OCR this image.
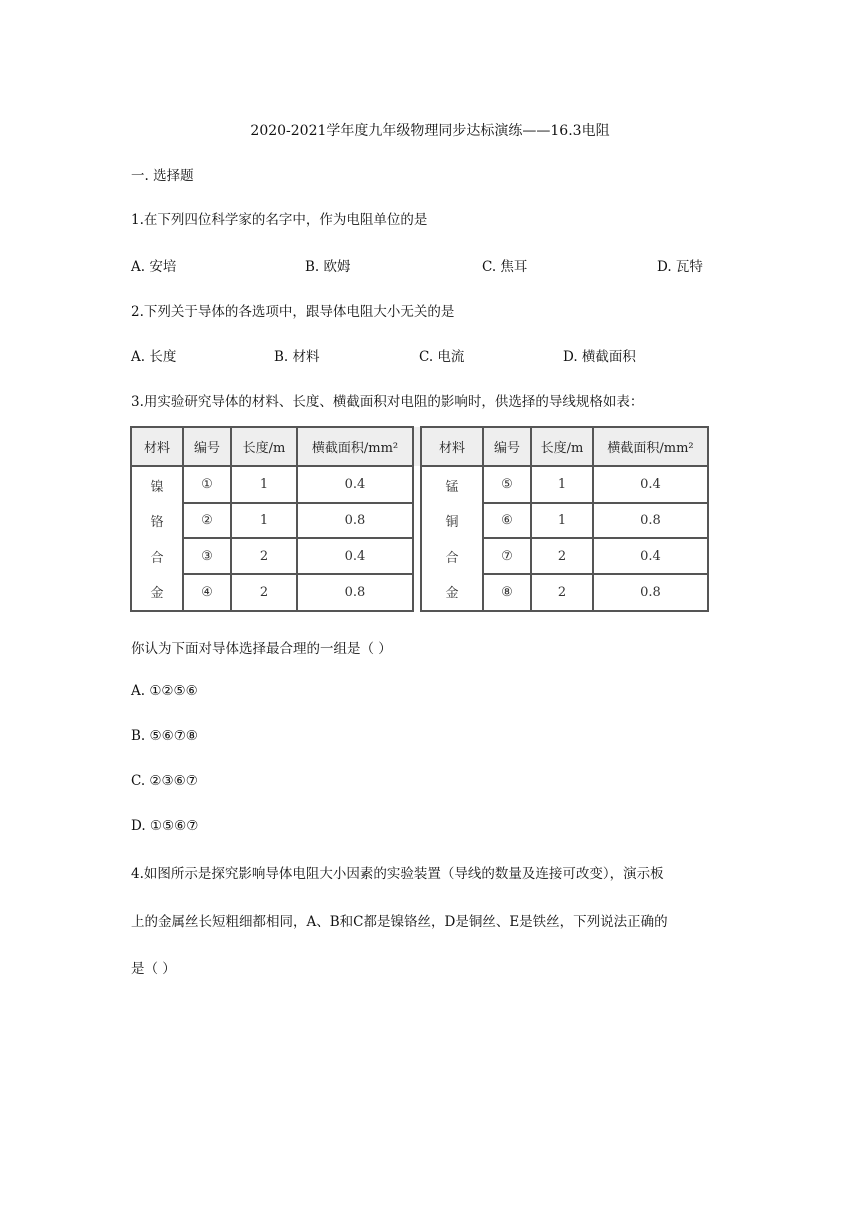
2020-2021学年度九年级物理同步达标演练——16.3电阻
一. 选择题
1.在下列四位科学家的名字中，作为电阻单位的是
A. 安培	B. 欧姆	C. 焦耳	D. 瓦特
2.下列关于导体的各选项中，跟导体电阻大小无关的是
A. 长度	B. 材料	C. 电流	D. 横截面积
3.用实验研究导体的材料、长度、横截面积对电阻的影响时，供选择的导线规格如表：
材料	编号	长度/m	横截面积/mm²		材料	编号	长度/m	横截面积/mm²
镍	①	1	0.4		锰	⑤	1	0.4
铬	②	1	0.8		铜	⑥	1	0.8
合	③	2	0.4		合	⑦	2	0.4
金	④	2	0.8		金	⑧	2	0.8
你认为下面对导体选择最合理的一组是（ ）
A. ①②⑤⑥
B. ⑤⑥⑦⑧
C. ②③⑥⑦
D. ①⑤⑥⑦
4.如图所示是探究影响导体电阻大小因素的实验装置（导线的数量及连接可改变），演示板
上的金属丝长短粗细都相同，A、B和C都是镍铬丝，D是铜丝、E是铁丝，下列说法正确的
是（ ）
